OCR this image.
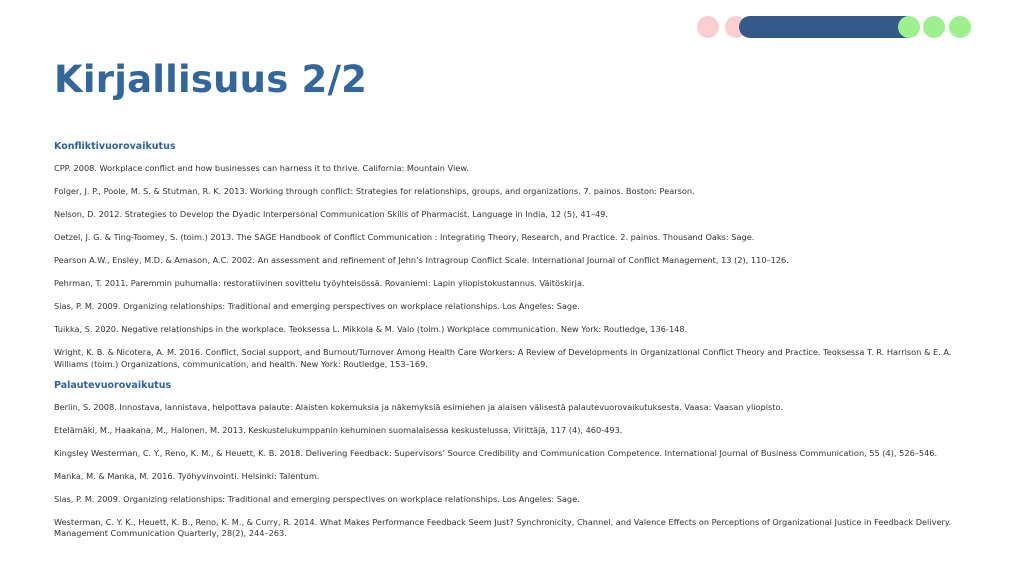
Kirjallisuus 2/2
Konfliktivuorovaikutus

CPP. 2008. Workplace conflict and how businesses can harness it to thrive. California: Mountain View.

Folger, J. P., Poole, M. S. & Stutman, R. K. 2013. Working through conflict: Strategies for relationships, groups, and organizations. 7. painos. Boston: Pearson.

Nelson, D. 2012. Strategies to Develop the Dyadic Interpersonal Communication Skills of Pharmacist. Language in India, 12 (5), 41–49.

Oetzel, J. G. & Ting-Toomey, S. (toim.) 2013. The SAGE Handbook of Conflict Communication : Integrating Theory, Research, and Practice. 2. painos. Thousand Oaks: Sage.

Pearson A.W., Ensley, M.D. & Amason, A.C. 2002. An assessment and refinement of Jehn’s Intragroup Conflict Scale. International Journal of Conflict Management, 13 (2), 110–126.

Pehrman, T. 2011. Paremmin puhumalla: restoratiivinen sovittelu työyhteisössä. Rovaniemi: Lapin yliopistokustannus. Väitöskirja.

Sias, P. M. 2009. Organizing relationships: Traditional and emerging perspectives on workplace relationships. Los Angeles: Sage.

Tuikka, S. 2020. Negative relationships in the workplace. Teoksessa L. Mikkola & M. Valo (toim.) Workplace communication. New York: Routledge, 136-148.

Wright, K. B. & Nicotera, A. M. 2016. Conflict, Social support, and Burnout/Turnover Among Health Care Workers: A Review of Developments in Organizational Conflict Theory and Practice. Teoksessa T. R. Harrison & E. A. Williams (toim.) Organizations, communication, and health. New York: Routledge, 153–169.

Palautevuorovaikutus

Berlin, S. 2008. Innostava, lannistava, helpottava palaute: Alaisten kokemuksia ja näkemyksiä esimiehen ja alaisen välisestä palautevuorovaikutuksesta. Vaasa: Vaasan yliopisto.

Etelämäki, M., Haakana, M., Halonen, M. 2013. Keskustelukumppanin kehuminen suomalaisessa keskustelussa. Virittäjä, 117 (4), 460-493.

Kingsley Westerman, C. Y., Reno, K. M., & Heuett, K. B. 2018. Delivering Feedback: Supervisors’ Source Credibility and Communication Competence. International Journal of Business Communication, 55 (4), 526–546.

Manka, M. & Manka, M. 2016. Työhyvinvointi. Helsinki: Talentum.

Sias, P. M. 2009. Organizing relationships: Traditional and emerging perspectives on workplace relationships. Los Angeles: Sage.

Westerman, C. Y. K., Heuett, K. B., Reno, K. M., & Curry, R. 2014. What Makes Performance Feedback Seem Just? Synchronicity, Channel, and Valence Effects on Perceptions of Organizational Justice in Feedback Delivery. Management Communication Quarterly, 28(2), 244–263.
